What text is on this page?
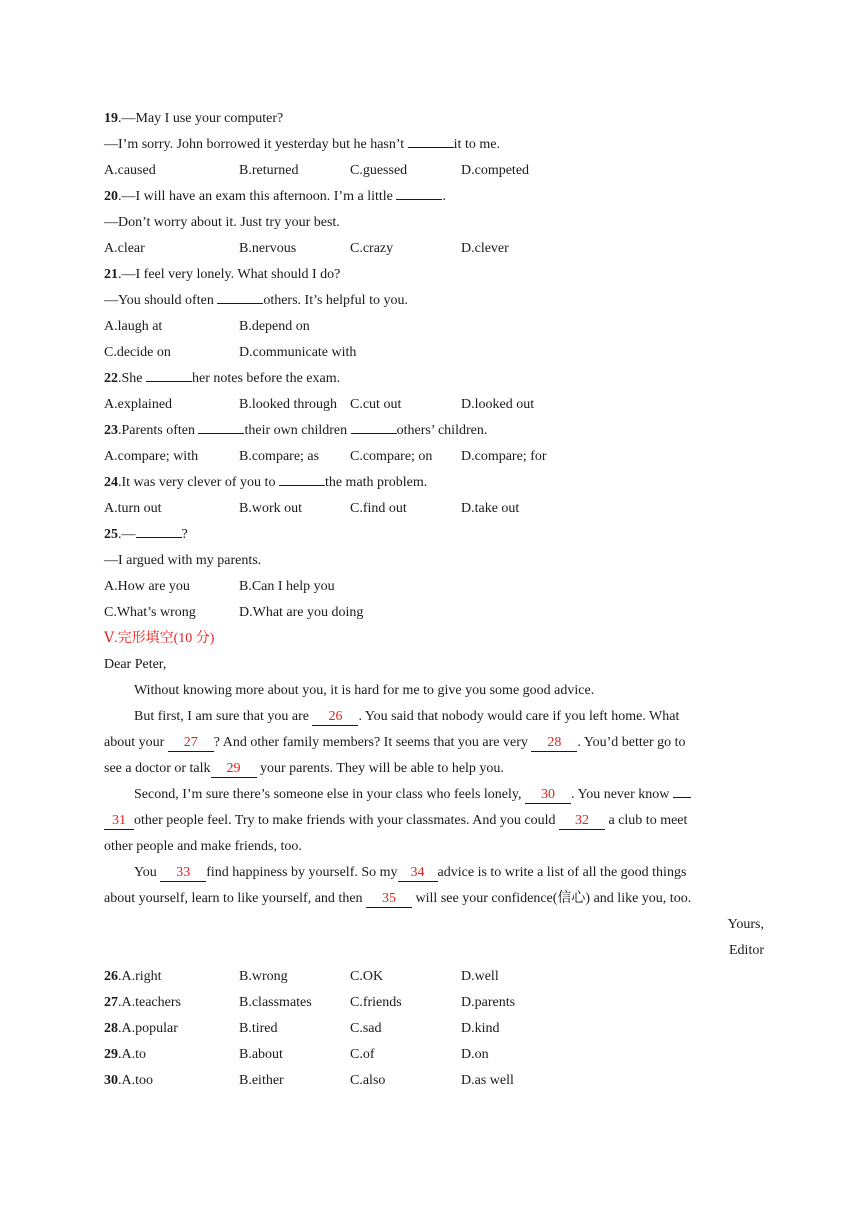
19.—May I use your computer?
—I’m sorry. John borrowed it yesterday but he hasn’t	it to me.
A.caused	B.returned	C.guessed	D.competed
20.—I will have an exam this afternoon. I’m a little	.
—Don’t worry about it. Just try your best.
A.clear	B.nervous	C.crazy	D.clever
21.—I feel very lonely. What should I do?
—You should often	others. It’s helpful to you.
A.laugh at	B.depend on
C.decide on	D.communicate with
22.She	her notes before the exam.
A.explained	B.looked through C.cut out	D.looked out
23.Parents often	their own children	others’ children.
A.compare; with	B.compare; as C.compare; on D.compare; for
24.It was very clever of you to	the math problem.
A.turn out	B.work out	C.find out	D.take out
25.—	?
—I argued with my parents.
A.How are you	B.Can I help you
C.What’s wrong	D.What are you doing
Ⅴ.完形填空(10 分)
Dear Peter,
Without knowing more about you, it is hard for me to give you some good advice.
But first, I am sure that you are 26 . You said that nobody would care if you left home. What
about your 27 ? And other family members? It seems that you are very 28 . You’d better go to
see a doctor or talk 29 your parents. They will be able to help you.
Second, I’m sure there’s someone else in your class who feels lonely, 30 . You never know
31 other people feel. Try to make friends with your classmates. And you could 32 a club to meet
other people and make friends, too.
You 33 find happiness by yourself. So my 34 advice is to write a list of all the good things
about yourself, learn to like yourself, and then 35 will see your confidence(信心) and like you, too.
Yours,
Editor
26.A.right	B.wrong	C.OK	D.well
27.A.teachers	B.classmates	C.friends	D.parents
28.A.popular	B.tired	C.sad	D.kind
29.A.to	B.about	C.of	D.on
30.A.too	B.either	C.also	D.as well
